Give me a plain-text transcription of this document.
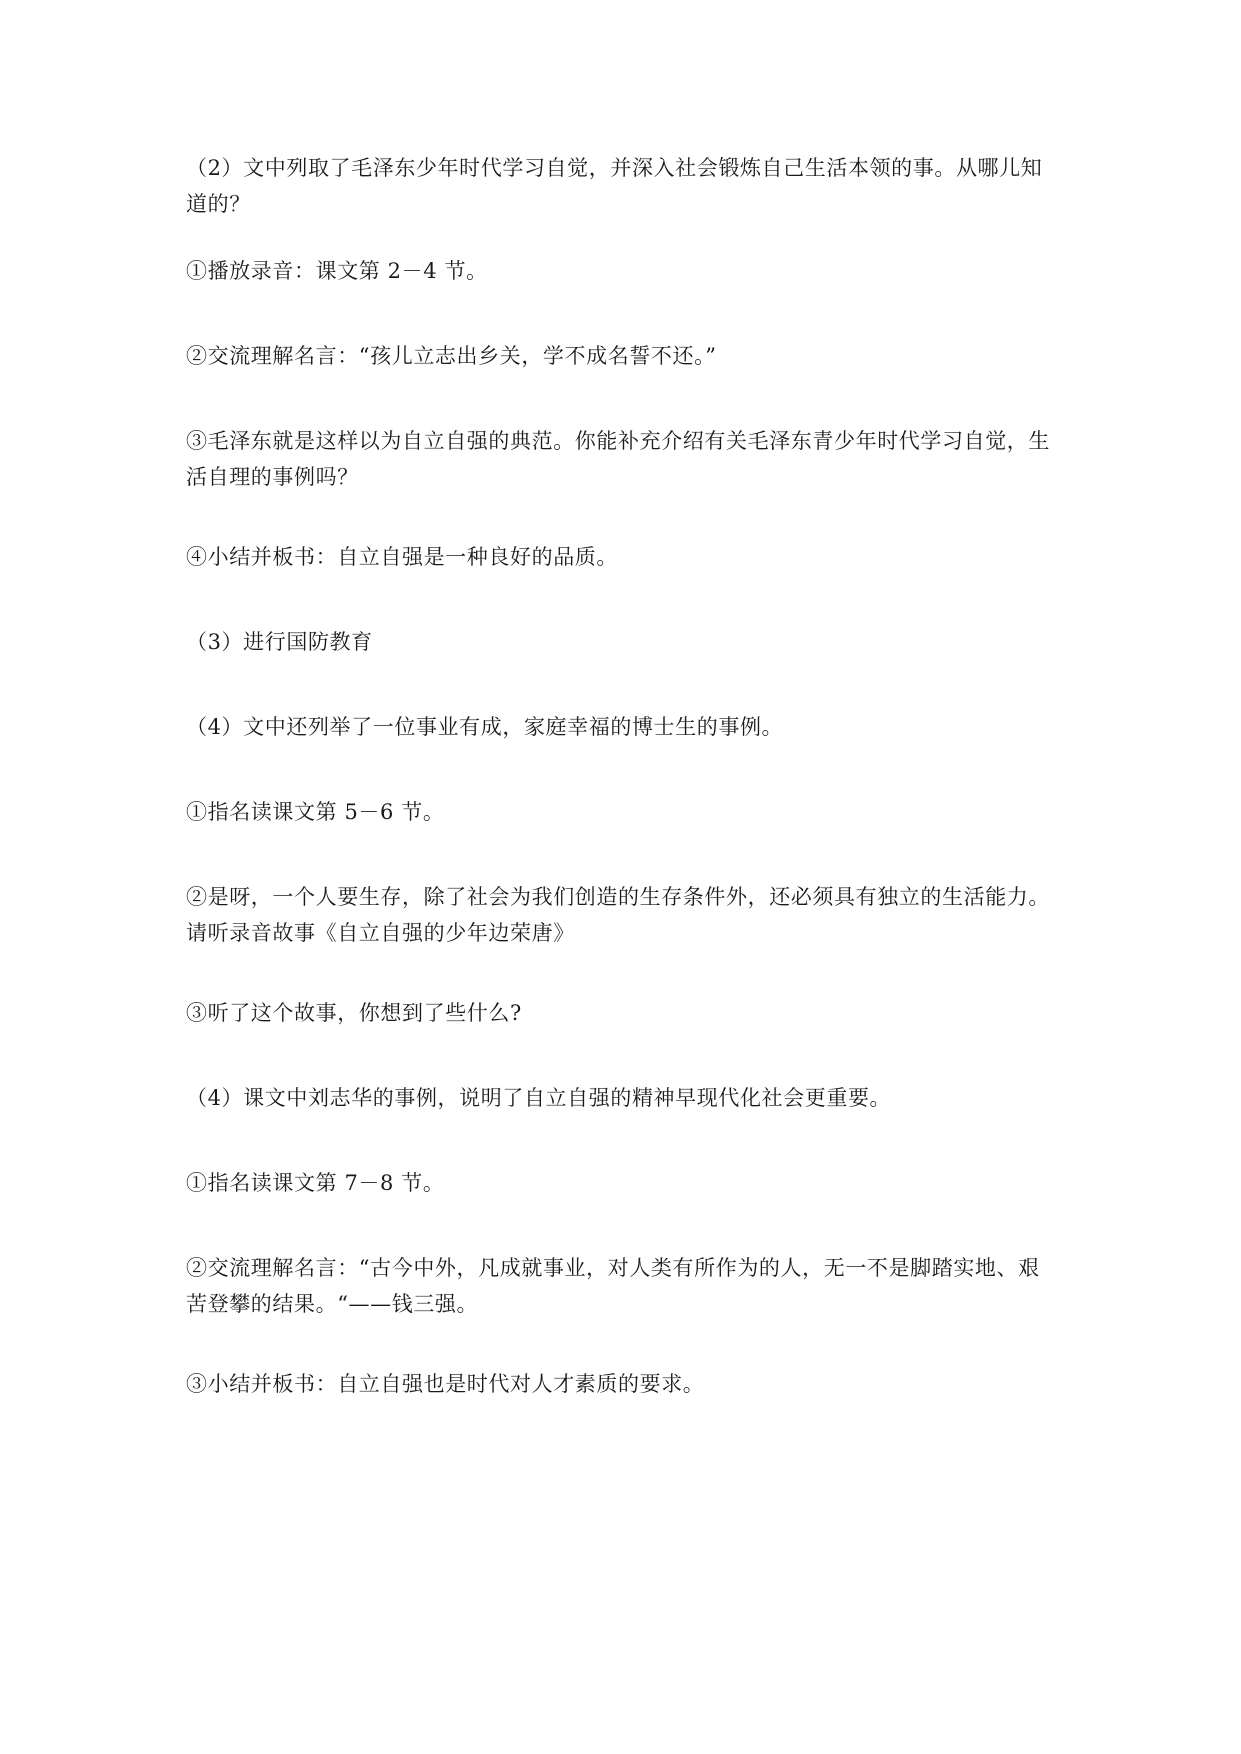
（2）文中列取了毛泽东少年时代学习自觉，并深入社会锻炼自己生活本领的事。从哪儿知
道的？

①播放录音：课文第 2－4 节。

②交流理解名言：“孩儿立志出乡关，学不成名誓不还。”

③毛泽东就是这样以为自立自强的典范。你能补充介绍有关毛泽东青少年时代学习自觉，生
活自理的事例吗？

④小结并板书：自立自强是一种良好的品质。

（3）进行国防教育

（4）文中还列举了一位事业有成，家庭幸福的博士生的事例。

①指名读课文第 5－6 节。

②是呀，一个人要生存，除了社会为我们创造的生存条件外，还必须具有独立的生活能力。
请听录音故事《自立自强的少年边荣唐》

③听了这个故事，你想到了些什么?

（4）课文中刘志华的事例，说明了自立自强的精神早现代化社会更重要。

①指名读课文第 7－8 节。

②交流理解名言：“古今中外，凡成就事业，对人类有所作为的人，无一不是脚踏实地、艰
苦登攀的结果。“——钱三强。

③小结并板书：自立自强也是时代对人才素质的要求。
